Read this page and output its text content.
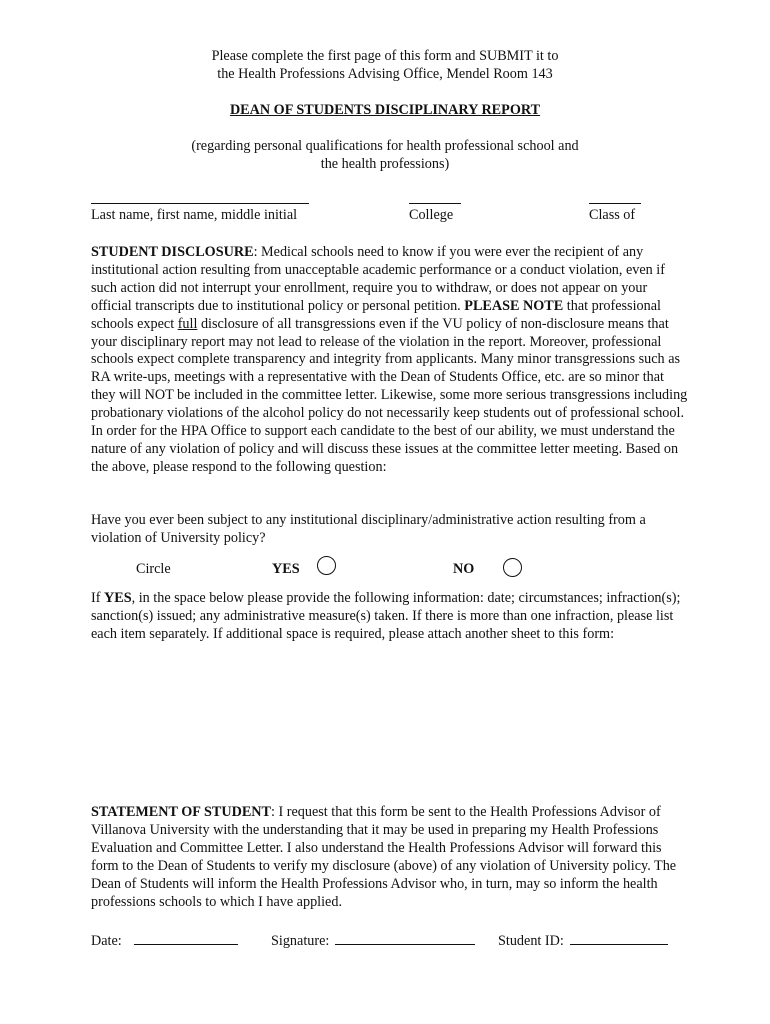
Please complete the first page of this form and SUBMIT it to
the Health Professions Advising Office, Mendel Room 143
DEAN OF STUDENTS DISCIPLINARY REPORT
(regarding personal qualifications for health professional school and
the health professions)
Last name, first name, middle initial	College	Class of
STUDENT DISCLOSURE: Medical schools need to know if you were ever the recipient of any institutional action resulting from unacceptable academic performance or a conduct violation, even if such action did not interrupt your enrollment, require you to withdraw, or does not appear on your official transcripts due to institutional policy or personal petition. PLEASE NOTE that professional schools expect full disclosure of all transgressions even if the VU policy of non-disclosure means that your disciplinary report may not lead to release of the violation in the report. Moreover, professional schools expect complete transparency and integrity from applicants. Many minor transgressions such as RA write-ups, meetings with a representative with the Dean of Students Office, etc. are so minor that they will NOT be included in the committee letter. Likewise, some more serious transgressions including probationary violations of the alcohol policy do not necessarily keep students out of professional school. In order for the HPA Office to support each candidate to the best of our ability, we must understand the nature of any violation of policy and will discuss these issues at the committee letter meeting. Based on the above, please respond to the following question:
Have you ever been subject to any institutional disciplinary/administrative action resulting from a violation of University policy?
Circle	YES	NO
If YES, in the space below please provide the following information: date; circumstances; infraction(s); sanction(s) issued; any administrative measure(s) taken. If there is more than one infraction, please list each item separately. If additional space is required, please attach another sheet to this form:
STATEMENT OF STUDENT: I request that this form be sent to the Health Professions Advisor of Villanova University with the understanding that it may be used in preparing my Health Professions Evaluation and Committee Letter. I also understand the Health Professions Advisor will forward this form to the Dean of Students to verify my disclosure (above) of any violation of University policy. The Dean of Students will inform the Health Professions Advisor who, in turn, may so inform the health professions schools to which I have applied.
Date:	Signature:	Student ID:
